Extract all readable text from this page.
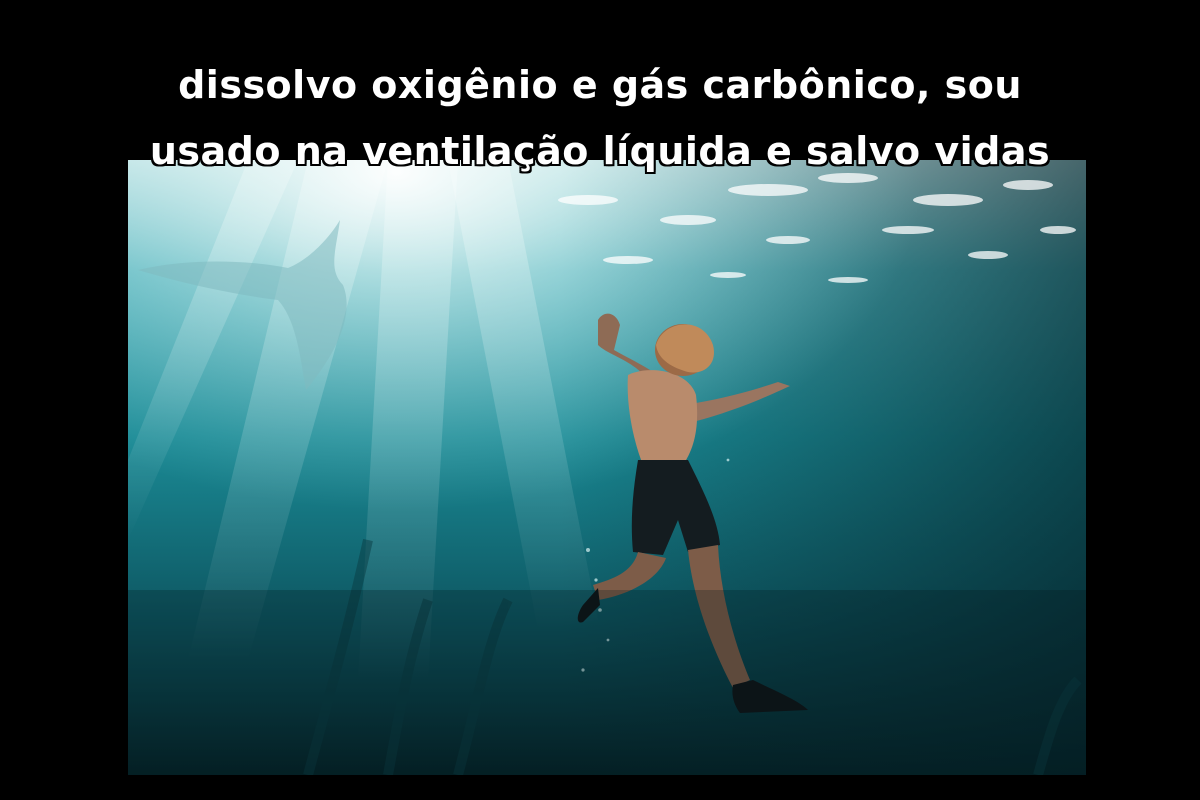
dissolvo oxigênio e gás carbônico, sou
usado na ventilação líquida e salvo vidas
